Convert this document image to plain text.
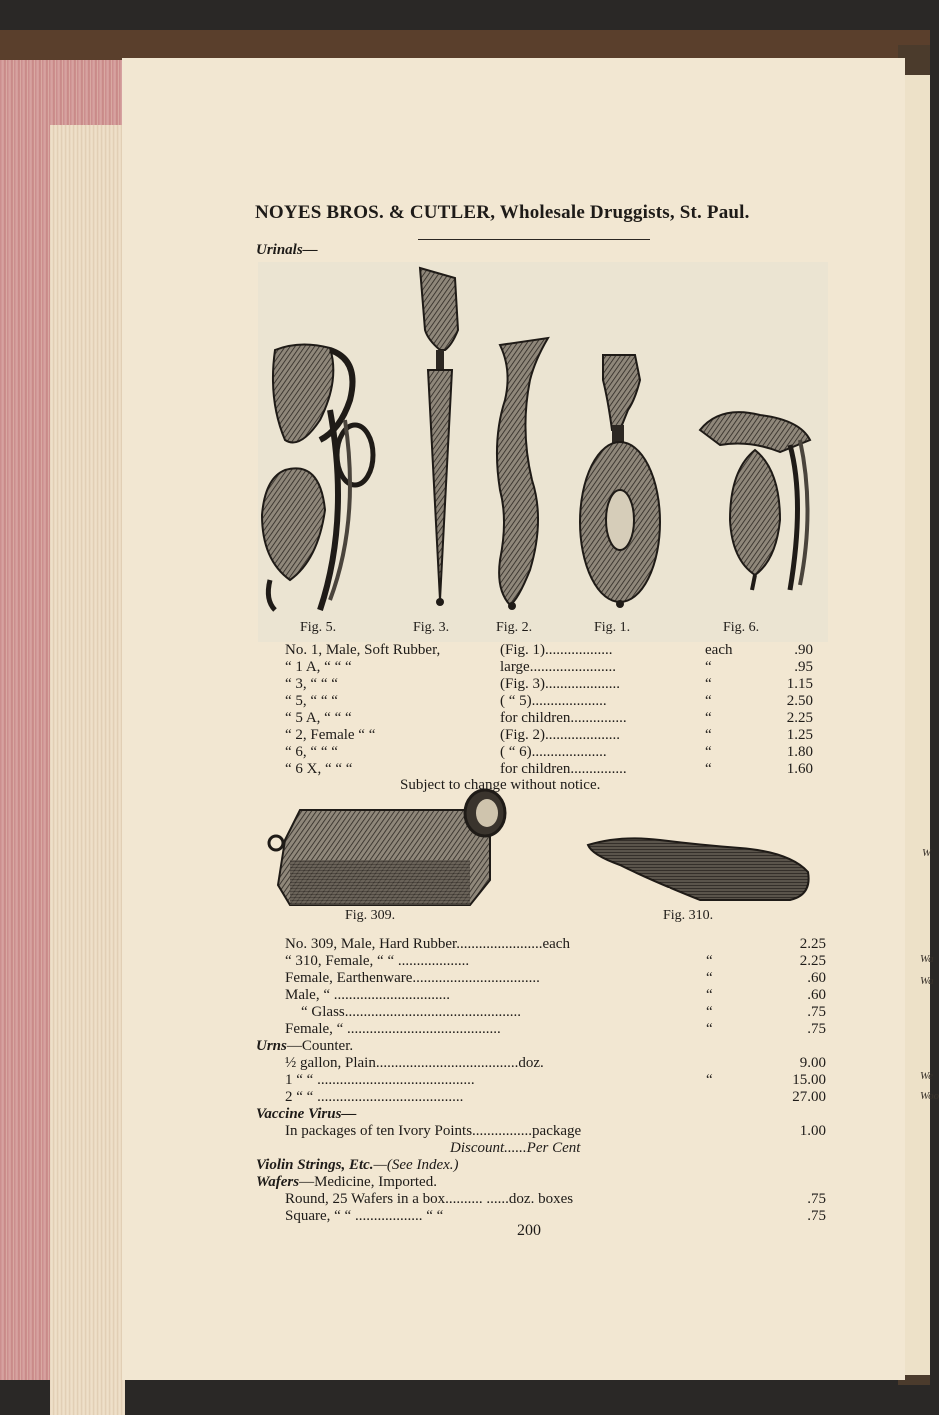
W
Wa
Wa
We
Woo
NOYES BROS. & CUTLER, Wholesale Druggists, St. Paul.
Urinals—
Fig. 5.	Fig. 3.	Fig. 2.	Fig. 1.	Fig. 6.
No. 1, Male, Soft Rubber,	(Fig. 1)..................	each	.90
“ 1 A, “ “ “	large.......................	“	.95
“ 3, “ “ “	(Fig. 3)....................	“	1.15
“ 5, “ “ “	( “ 5)....................	“	2.50
“ 5 A, “ “ “	for children...............	“	2.25
“ 2, Female “ “	(Fig. 2)....................	“	1.25
“ 6, “ “ “	( “ 6)....................	“	1.80
“ 6 X, “ “ “	for children...............	“	1.60
Subject to change without notice.
DAVIDSON RUBBER CO.
Fig. 309.	Fig. 310.
No. 309, Male, Hard Rubber.......................each	2.25
“ 310, Female, “ “ ...................	“	2.25
Female, Earthenware..................................	“	.60
Male, “ ...............................	“	.60
“ Glass...............................................	“	.75
Female, “ .........................................	“	.75
Urns—Counter.
½ gallon, Plain......................................doz.	9.00
1 “ “ ..........................................	“	15.00
2 “ “ .......................................	27.00
Vaccine Virus—
In packages of ten Ivory Points................package	1.00
Discount......Per Cent
Violin Strings, Etc.—(See Index.)
Wafers—Medicine, Imported.
Round, 25 Wafers in a box.......... ......doz. boxes	.75
Square, “ “ .................. “ “	.75
200
